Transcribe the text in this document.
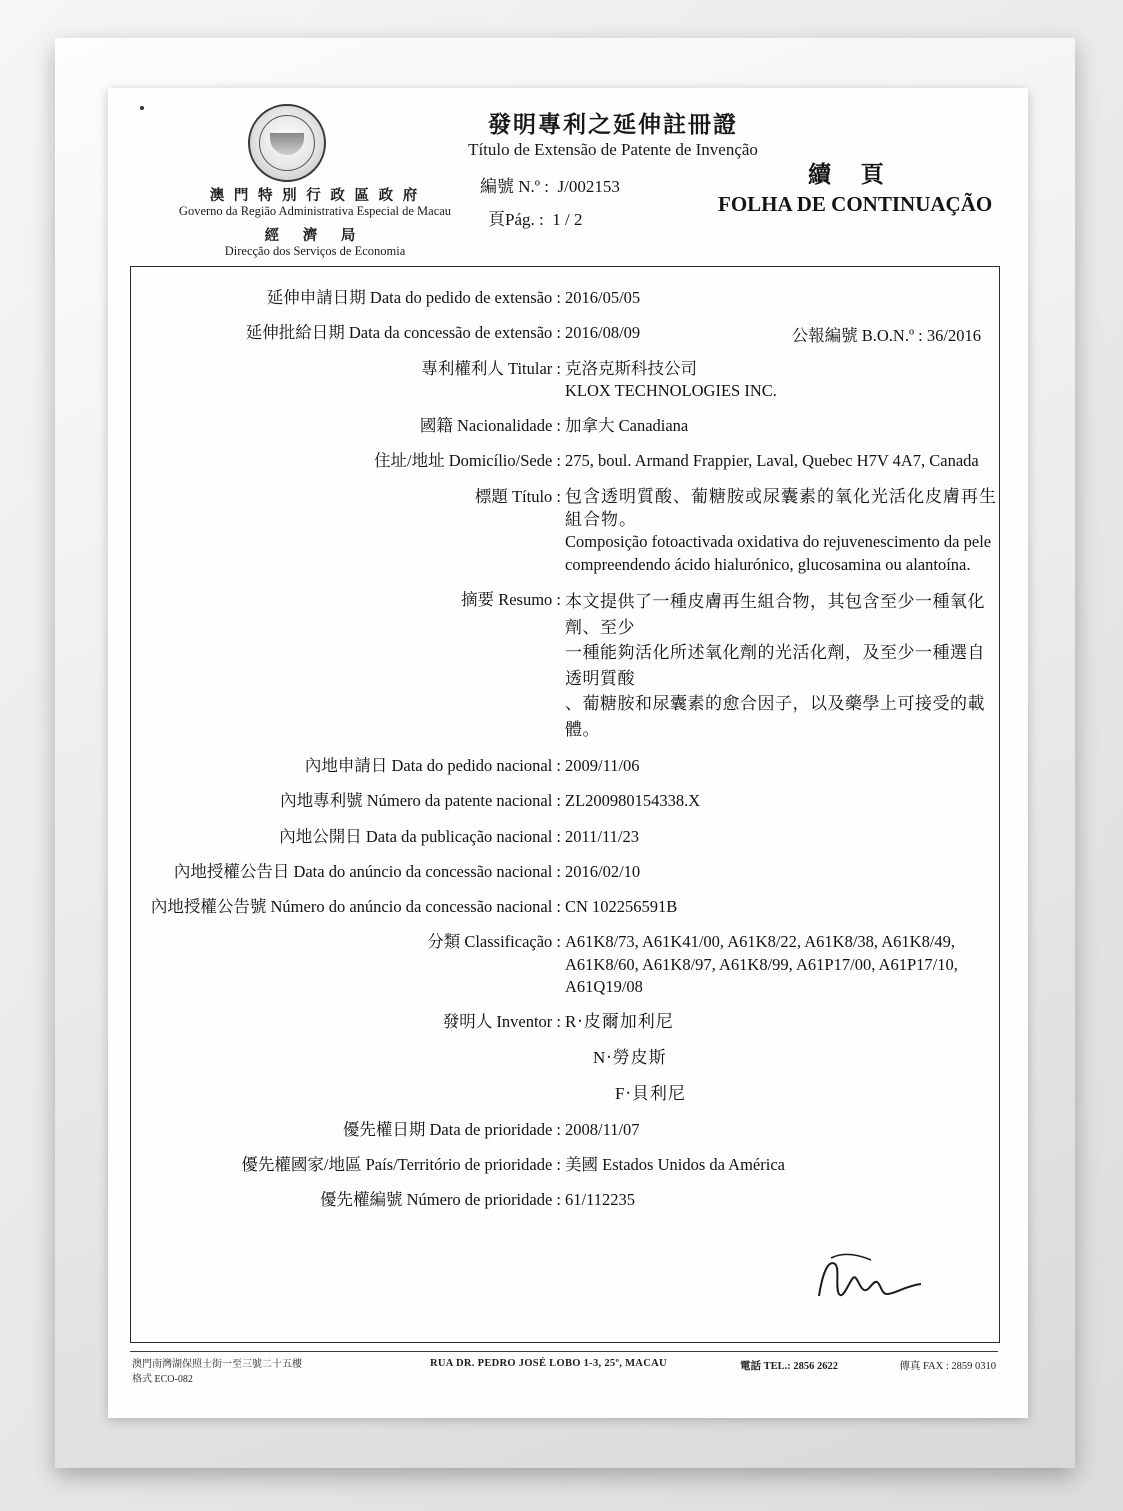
澳 門 特 別 行 政 區 政 府
Governo da Região Administrativa Especial de Macau
經 濟 局
Direcção dos Serviços de Economia
發明專利之延伸註冊證
Título de Extensão de Patente de Invenção
編號 N.º : J/002153
頁Pág. : 1 / 2
續 頁
FOLHA DE CONTINUAÇÃO
延伸申請日期 Data do pedido de extensão : 2016/05/05
延伸批給日期 Data da concessão de extensão : 2016/08/09	公報編號 B.O.N.º : 36/2016
專利權利人 Titular : 克洛克斯科技公司
KLOX TECHNOLOGIES INC.
國籍 Nacionalidade : 加拿大 Canadiana
住址/地址 Domicílio/Sede : 275, boul. Armand Frappier, Laval, Quebec H7V 4A7, Canada
標題 Título : 包含透明質酸、葡糖胺或尿囊素的氧化光活化皮膚再生組合物。
Composição fotoactivada oxidativa do rejuvenescimento da pele
compreendendo ácido hialurónico, glucosamina ou alantoína.
摘要 Resumo : 本文提供了一種皮膚再生組合物，其包含至少一種氧化劑、至少
一種能夠活化所述氧化劑的光活化劑，及至少一種選自透明質酸
、葡糖胺和尿囊素的愈合因子，以及藥學上可接受的載體。
內地申請日 Data do pedido nacional : 2009/11/06
內地專利號 Número da patente nacional : ZL200980154338.X
內地公開日 Data da publicação nacional : 2011/11/23
內地授權公告日 Data do anúncio da concessão nacional : 2016/02/10
內地授權公告號 Número do anúncio da concessão nacional : CN 102256591B
分類 Classificação : A61K8/73, A61K41/00, A61K8/22, A61K8/38, A61K8/49,
A61K8/60, A61K8/97, A61K8/99, A61P17/00, A61P17/10,
A61Q19/08
發明人 Inventor : R‧皮爾加利尼
N‧勞皮斯
F‧貝利尼
優先權日期 Data de prioridade : 2008/11/07
優先權國家/地區 País/Território de prioridade : 美國 Estados Unidos da América
優先權編號 Número de prioridade : 61/112235
澳門南灣湖保照士街一至三號二十五樓
格式 ECO-082
RUA DR. PEDRO JOSÉ LOBO 1-3, 25º, MACAU	電話 TEL.: 2856 2622	傳真 FAX : 2859 0310
